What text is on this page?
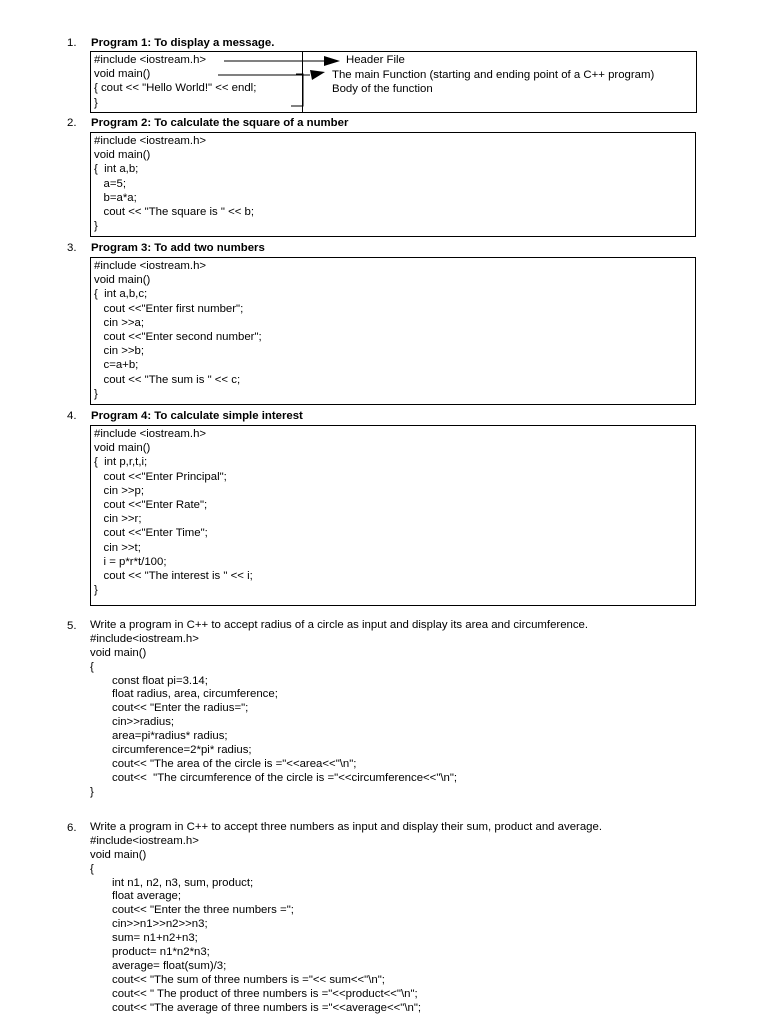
1. Program 1: To display a message.
#include <iostream.h>
void main()
{ cout << "Hello World!" << endl;
}
Header File
The main Function (starting and ending point of a C++ program)
Body of the function
2. Program 2: To calculate the square of a number
#include <iostream.h>
void main()
{  int a,b;
a=5;
b=a*a;
cout << "The square is " << b;
}
3. Program 3: To add two numbers
#include <iostream.h>
void main()
{  int a,b,c;
cout <<"Enter first number";
cin >>a;
cout <<"Enter second number";
cin >>b;
c=a+b;
cout << "The sum is " << c;
}
4. Program 4: To calculate simple interest
#include <iostream.h>
void main()
{  int p,r,t,i;
cout <<"Enter Principal";
cin >>p;
cout <<"Enter Rate";
cin >>r;
cout <<"Enter Time";
cin >>t;
i = p*r*t/100;
cout << "The interest is " << i;
}
5. Write a program in C++ to accept radius of a circle as input and display its area and circumference.
#include<iostream.h>
void main()
{
const float pi=3.14;
float radius, area, circumference;
cout<< "Enter the radius=";
cin>>radius;
area=pi*radius* radius;
circumference=2*pi* radius;
cout<< "The area of the circle is ="<<area<<"\n";
cout<<  "The circumference of the circle is ="<<circumference<<"\n";
}
6. Write a program in C++ to accept three numbers as input and display their sum, product and average.
#include<iostream.h>
void main()
{
int n1, n2, n3, sum, product;
float average;
cout<< "Enter the three numbers =";
cin>>n1>>n2>>n3;
sum= n1+n2+n3;
product= n1*n2*n3;
average= float(sum)/3;
cout<< "The sum of three numbers is ="<< sum<<"\n";
cout<< " The product of three numbers is ="<<product<<"\n";
cout<< "The average of three numbers is ="<<average<<"\n";
